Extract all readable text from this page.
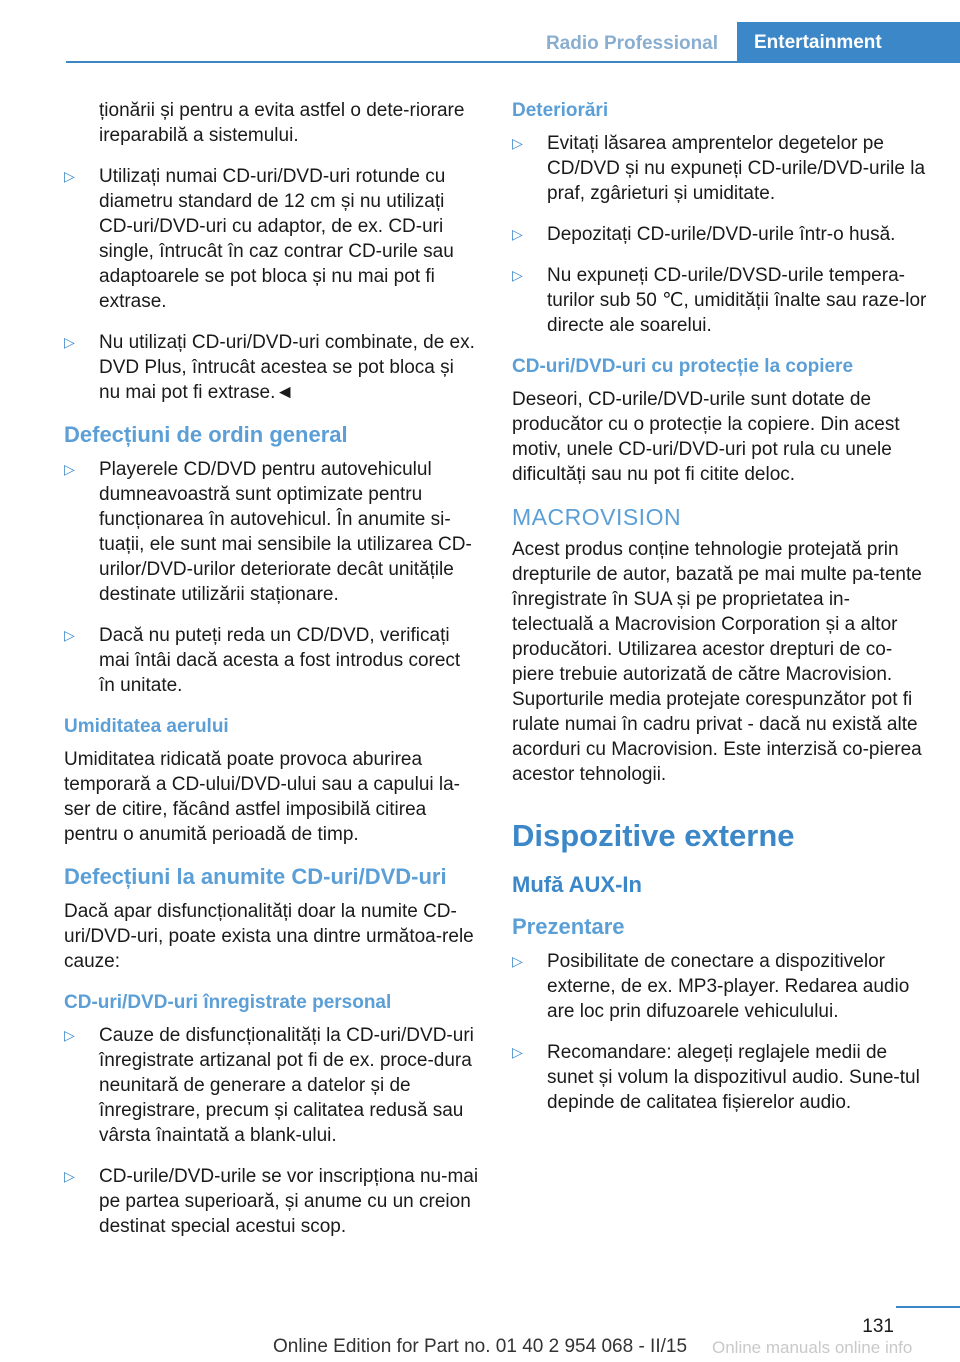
Radio Professional	Entertainment

ționării și pentru a evita astfel o dete-riorare ireparabilă a sistemului.

▷ Utilizați numai CD-uri/DVD-uri rotunde cu diametru standard de 12 cm și nu utilizați CD-uri/DVD-uri cu adaptor, de ex. CD-uri single, întrucât în caz contrar CD-urile sau adaptoarele se pot bloca și nu mai pot fi extrase.

▷ Nu utilizați CD-uri/DVD-uri combinate, de ex. DVD Plus, întrucât acestea se pot bloca și nu mai pot fi extrase.◄

Defecțiuni de ordin general
▷ Playerele CD/DVD pentru autovehiculul dumneavoastră sunt optimizate pentru funcționarea în autovehicul. În anumite si-tuații, ele sunt mai sensibile la utilizarea CD-urilor/DVD-urilor deteriorate decât unitățile destinate utilizării staționare.

▷ Dacă nu puteți reda un CD/DVD, verificați mai întâi dacă acesta a fost introdus corect în unitate.

Umiditatea aerului

Umiditatea ridicată poate provoca aburirea temporară a CD-ului/DVD-ului sau a capului la-ser de citire, făcând astfel imposibilă citirea pentru o anumită perioadă de timp.

Defecțiuni la anumite CD-uri/DVD-uri

Dacă apar disfuncționalități doar la numite CD-uri/DVD-uri, poate exista una dintre următoa-rele cauze:

CD-uri/DVD-uri înregistrate personal
▷ Cauze de disfuncționalități la CD-uri/DVD-uri înregistrate artizanal pot fi de ex. proce-dura neunitară de generare a datelor și de înregistrare, precum și calitatea redusă sau vârsta înaintată a blank-ului.

▷ CD-urile/DVD-urile se vor inscripționa nu-mai pe partea superioară, și anume cu un creion destinat special acestui scop.

Deteriorări
▷ Evitați lăsarea amprentelor degetelor pe CD/DVD și nu expuneți CD-urile/DVD-urile la praf, zgârieturi și umiditate.

▷ Depozitați CD-urile/DVD-urile într-o husă.

▷ Nu expuneți CD-urile/DVSD-urile tempera-turilor sub 50 ℃, umidității înalte sau raze-lor directe ale soarelui.

CD-uri/DVD-uri cu protecție la copiere

Deseori, CD-urile/DVD-urile sunt dotate de producător cu o protecție la copiere. Din acest motiv, unele CD-uri/DVD-uri pot rula cu unele dificultăți sau nu pot fi citite deloc.

MACROVISION

Acest produs conține tehnologie protejată prin drepturile de autor, bazată pe mai multe pa-tente înregistrate în SUA și pe proprietatea in-telectuală a Macrovision Corporation și a altor producători. Utilizarea acestor drepturi de co-piere trebuie autorizată de către Macrovision. Suporturile media protejate corespunzător pot fi rulate numai în cadru privat - dacă nu există alte acorduri cu Macrovision. Este interzisă co-pierea acestor tehnologii.

Dispozitive externe
Mufă AUX-In
Prezentare
▷ Posibilitate de conectare a dispozitivelor externe, de ex. MP3-player. Redarea audio are loc prin difuzoarele vehiculului.

▷ Recomandare: alegeți reglajele medii de sunet și volum la dispozitivul audio. Sune-tul depinde de calitatea fișierelor audio.

131
Online Edition for Part no. 01 40 2 954 068 - II/15	Online manuals online info
